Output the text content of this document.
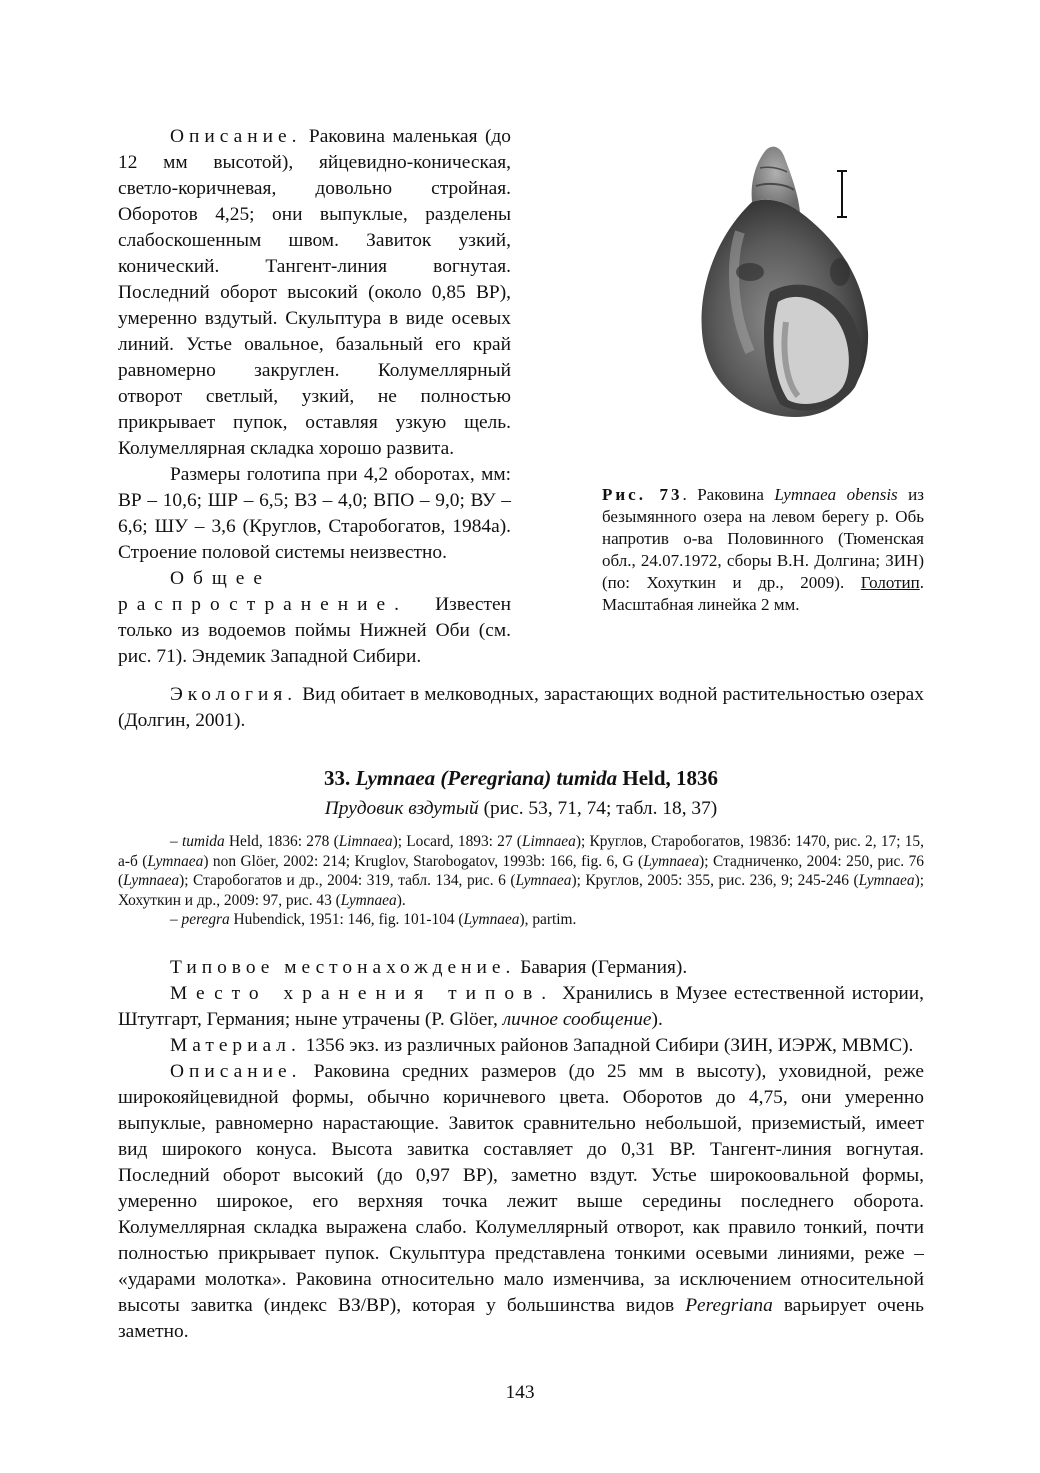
Описание. Раковина маленькая (до 12 мм высотой), яйцевидно-коническая, светло-коричневая, довольно стройная. Оборотов 4,25; они выпуклые, разделены слабоскошенным швом. Завиток узкий, конический. Тангент-линия вогнутая. Последний оборот высокий (около 0,85 ВР), умеренно вздутый. Скульптура в виде осевых линий. Устье овальное, базальный его край равномерно закруглен. Колумеллярный отворот светлый, узкий, не полностью прикрывает пупок, оставляя узкую щель. Колумеллярная складка хорошо развита.

Размеры голотипа при 4,2 оборотах, мм: ВР – 10,6; ШР – 6,5; ВЗ – 4,0; ВПО – 9,0; ВУ – 6,6; ШУ – 3,6 (Круглов, Старобогатов, 1984а). Строение половой системы неизвестно.

Общее распространение. Известен только из водоемов поймы Нижней Оби (см. рис. 71). Эндемик Западной Сибири.

Рис. 73. Раковина Lymnaea obensis из безымянного озера на левом берегу р. Обь напротив о-ва Половинного (Тюменская обл., 24.07.1972, сборы В.Н. Долгина; ЗИН) (по: Хохуткин и др., 2009). Голотип. Масштабная линейка 2 мм.

Экология. Вид обитает в мелководных, зарастающих водной растительностью озерах (Долгин, 2001).

33. Lymnaea (Peregriana) tumida Held, 1836
Прудовик вздутый (рис. 53, 71, 74; табл. 18, 37)

– tumida Held, 1836: 278 (Limnaea); Locard, 1893: 27 (Limnaea); Круглов, Старобогатов, 1983б: 1470, рис. 2, 17; 15, а-б (Lymnaea) non Glöer, 2002: 214; Kruglov, Starobogatov, 1993b: 166, fig. 6, G (Lymnaea); Стадниченко, 2004: 250, рис. 76 (Lymnaea); Старобогатов и др., 2004: 319, табл. 134, рис. 6 (Lymnaea); Круглов, 2005: 355, рис. 236, 9; 245-246 (Lymnaea); Хохуткин и др., 2009: 97, рис. 43 (Lymnaea).

– peregra Hubendick, 1951: 146, fig. 101-104 (Lymnaea), partim.

Типовое местонахождение. Бавария (Германия).

Место хранения типов. Хранились в Музее естественной истории, Штутгарт, Германия; ныне утрачены (P. Glöer, личное сообщение).

Материал. 1356 экз. из различных районов Западной Сибири (ЗИН, ИЭРЖ, МВМС).

Описание. Раковина средних размеров (до 25 мм в высоту), уховидной, реже широкояйцевидной формы, обычно коричневого цвета. Оборотов до 4,75, они умеренно выпуклые, равномерно нарастающие. Завиток сравнительно небольшой, приземистый, имеет вид широкого конуса. Высота завитка составляет до 0,31 ВР. Тангент-линия вогнутая. Последний оборот высокий (до 0,97 ВР), заметно вздут. Устье широкоовальной формы, умеренно широкое, его верхняя точка лежит выше середины последнего оборота. Колумеллярная складка выражена слабо. Колумеллярный отворот, как правило тонкий, почти полностью прикрывает пупок. Скульптура представлена тонкими осевыми линиями, реже – «ударами молотка». Раковина относительно мало изменчива, за исключением относительной высоты завитка (индекс ВЗ/ВР), которая у большинства видов Peregriana варьирует очень заметно.

143
